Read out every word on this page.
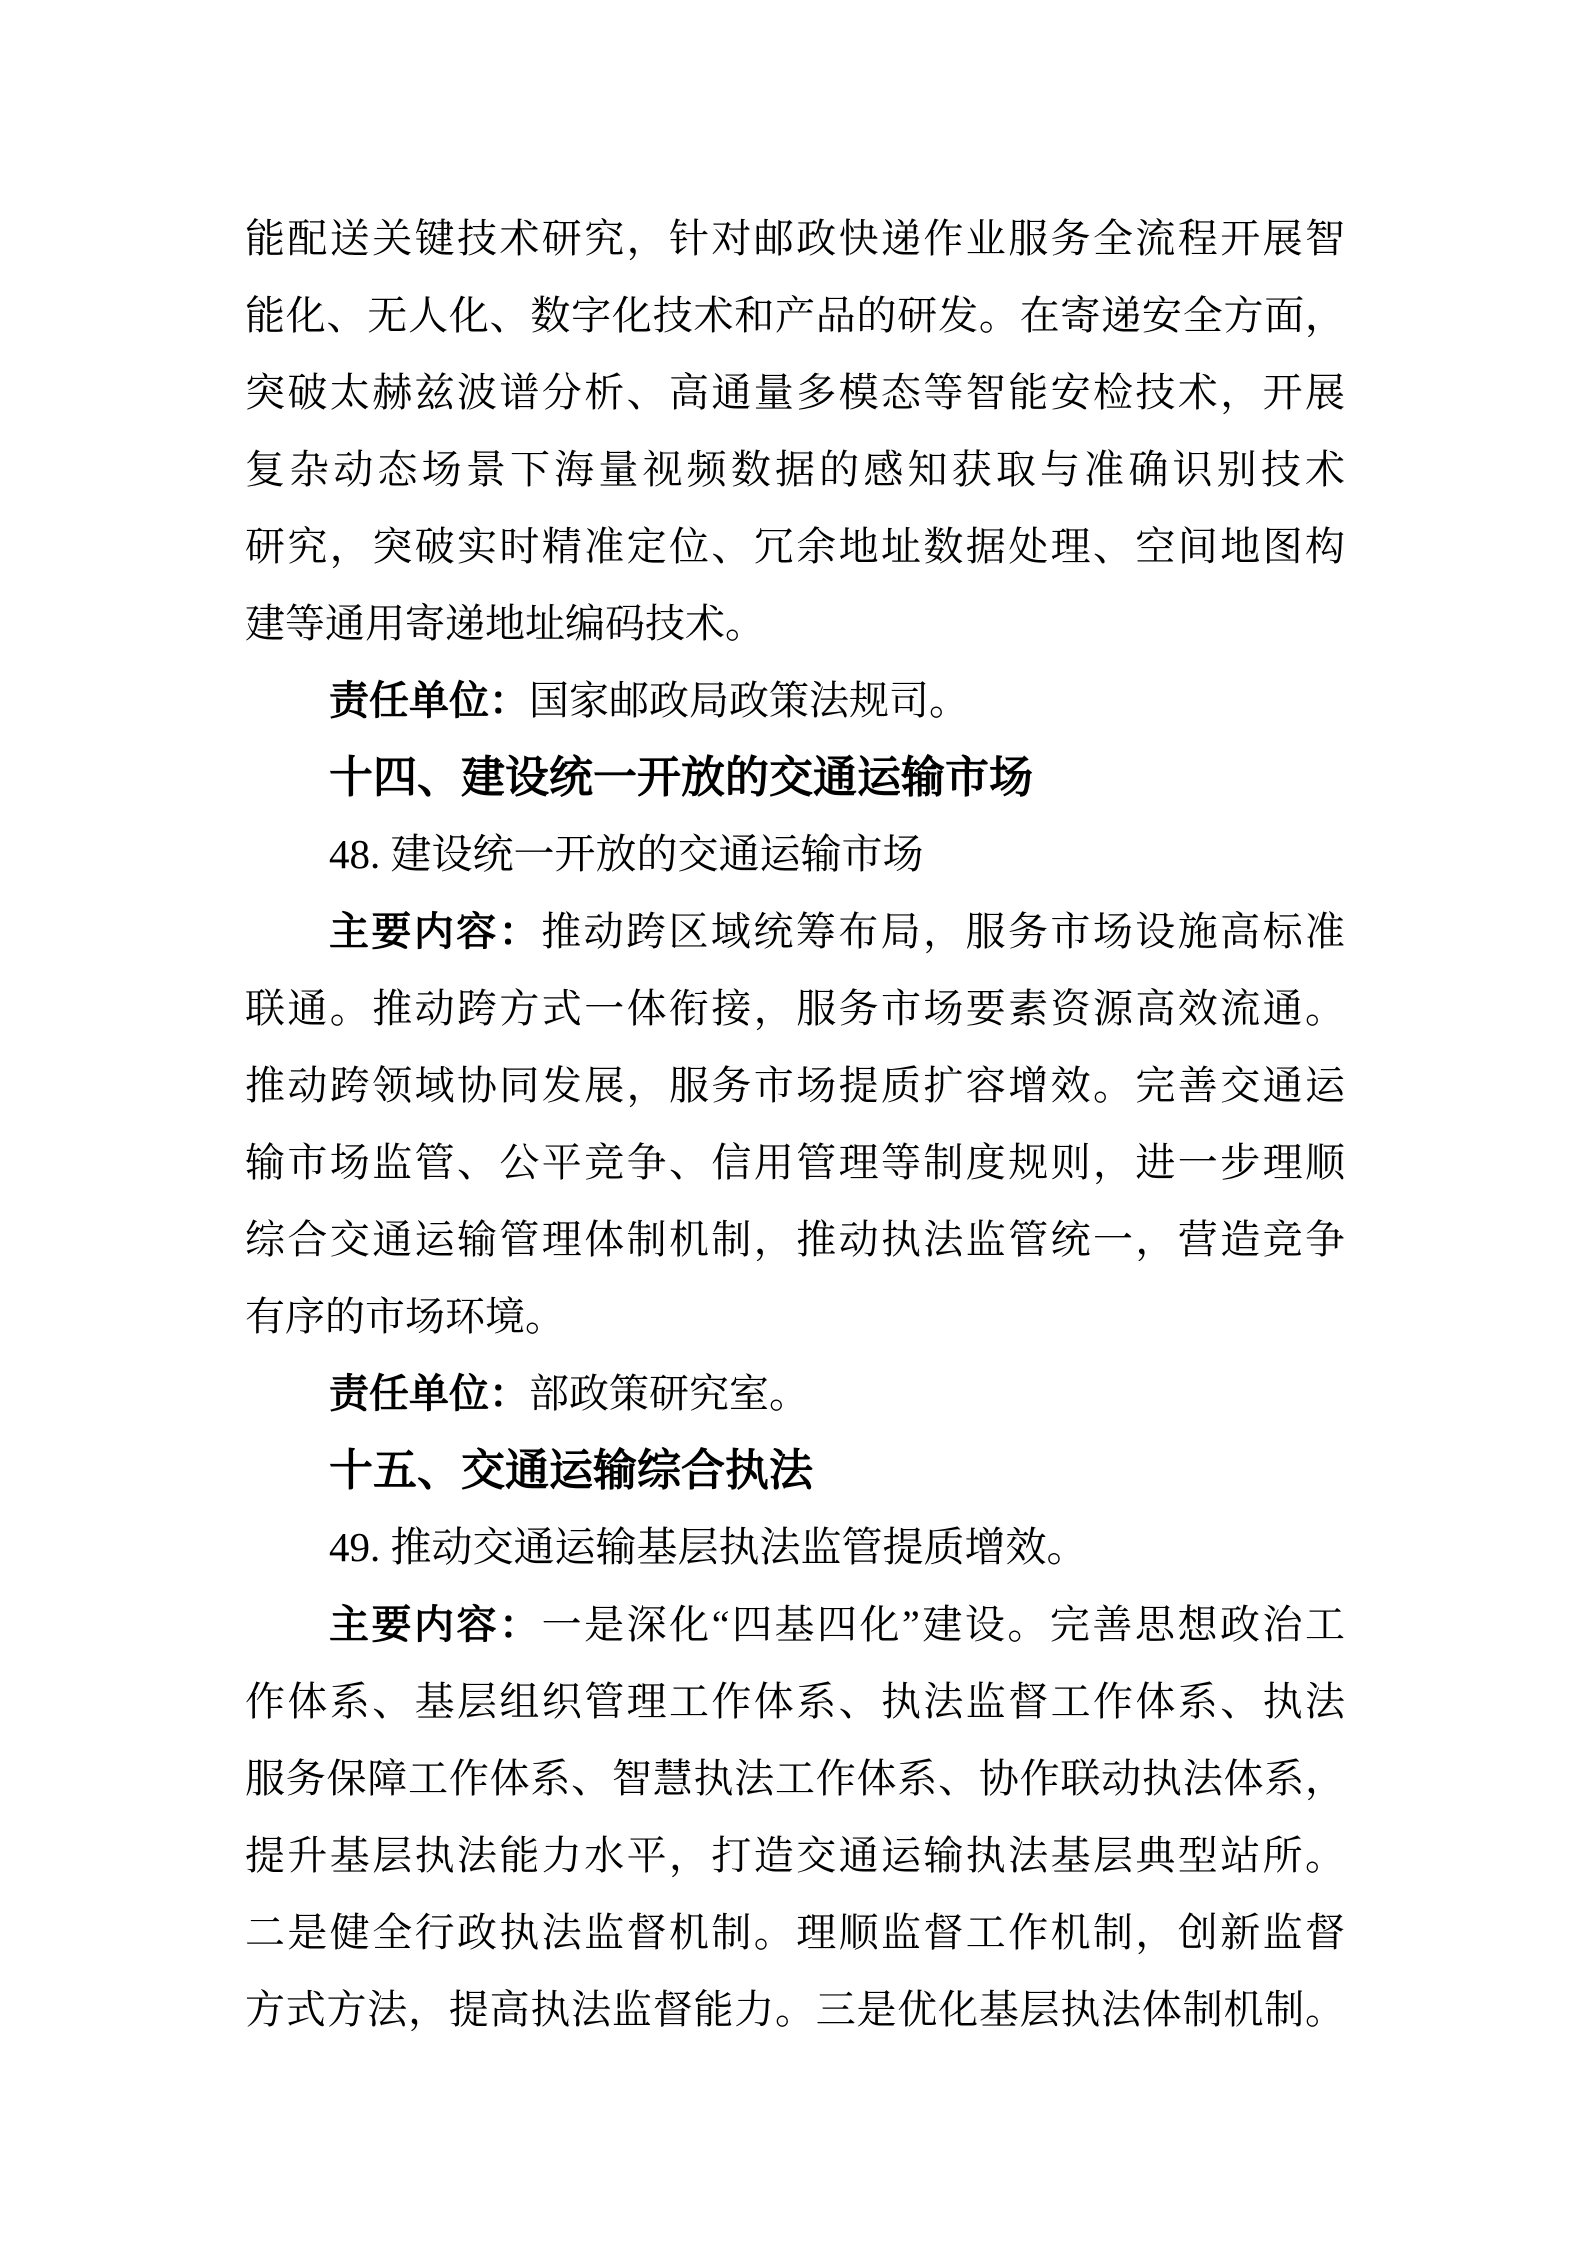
能配送关键技术研究，针对邮政快递作业服务全流程开展智
能化、无人化、数字化技术和产品的研发。在寄递安全方面，
突破太赫兹波谱分析、高通量多模态等智能安检技术，开展
复杂动态场景下海量视频数据的感知获取与准确识别技术
研究，突破实时精准定位、冗余地址数据处理、空间地图构
建等通用寄递地址编码技术。
责任单位：国家邮政局政策法规司。
十四、建设统一开放的交通运输市场
48. 建设统一开放的交通运输市场
主要内容：推动跨区域统筹布局，服务市场设施高标准
联通。推动跨方式一体衔接，服务市场要素资源高效流通。
推动跨领域协同发展，服务市场提质扩容增效。完善交通运
输市场监管、公平竞争、信用管理等制度规则，进一步理顺
综合交通运输管理体制机制，推动执法监管统一，营造竞争
有序的市场环境。
责任单位：部政策研究室。
十五、交通运输综合执法
49. 推动交通运输基层执法监管提质增效。
主要内容：一是深化“四基四化”建设。完善思想政治工
作体系、基层组织管理工作体系、执法监督工作体系、执法
服务保障工作体系、智慧执法工作体系、协作联动执法体系，
提升基层执法能力水平，打造交通运输执法基层典型站所。
二是健全行政执法监督机制。理顺监督工作机制，创新监督
方式方法，提高执法监督能力。三是优化基层执法体制机制。
